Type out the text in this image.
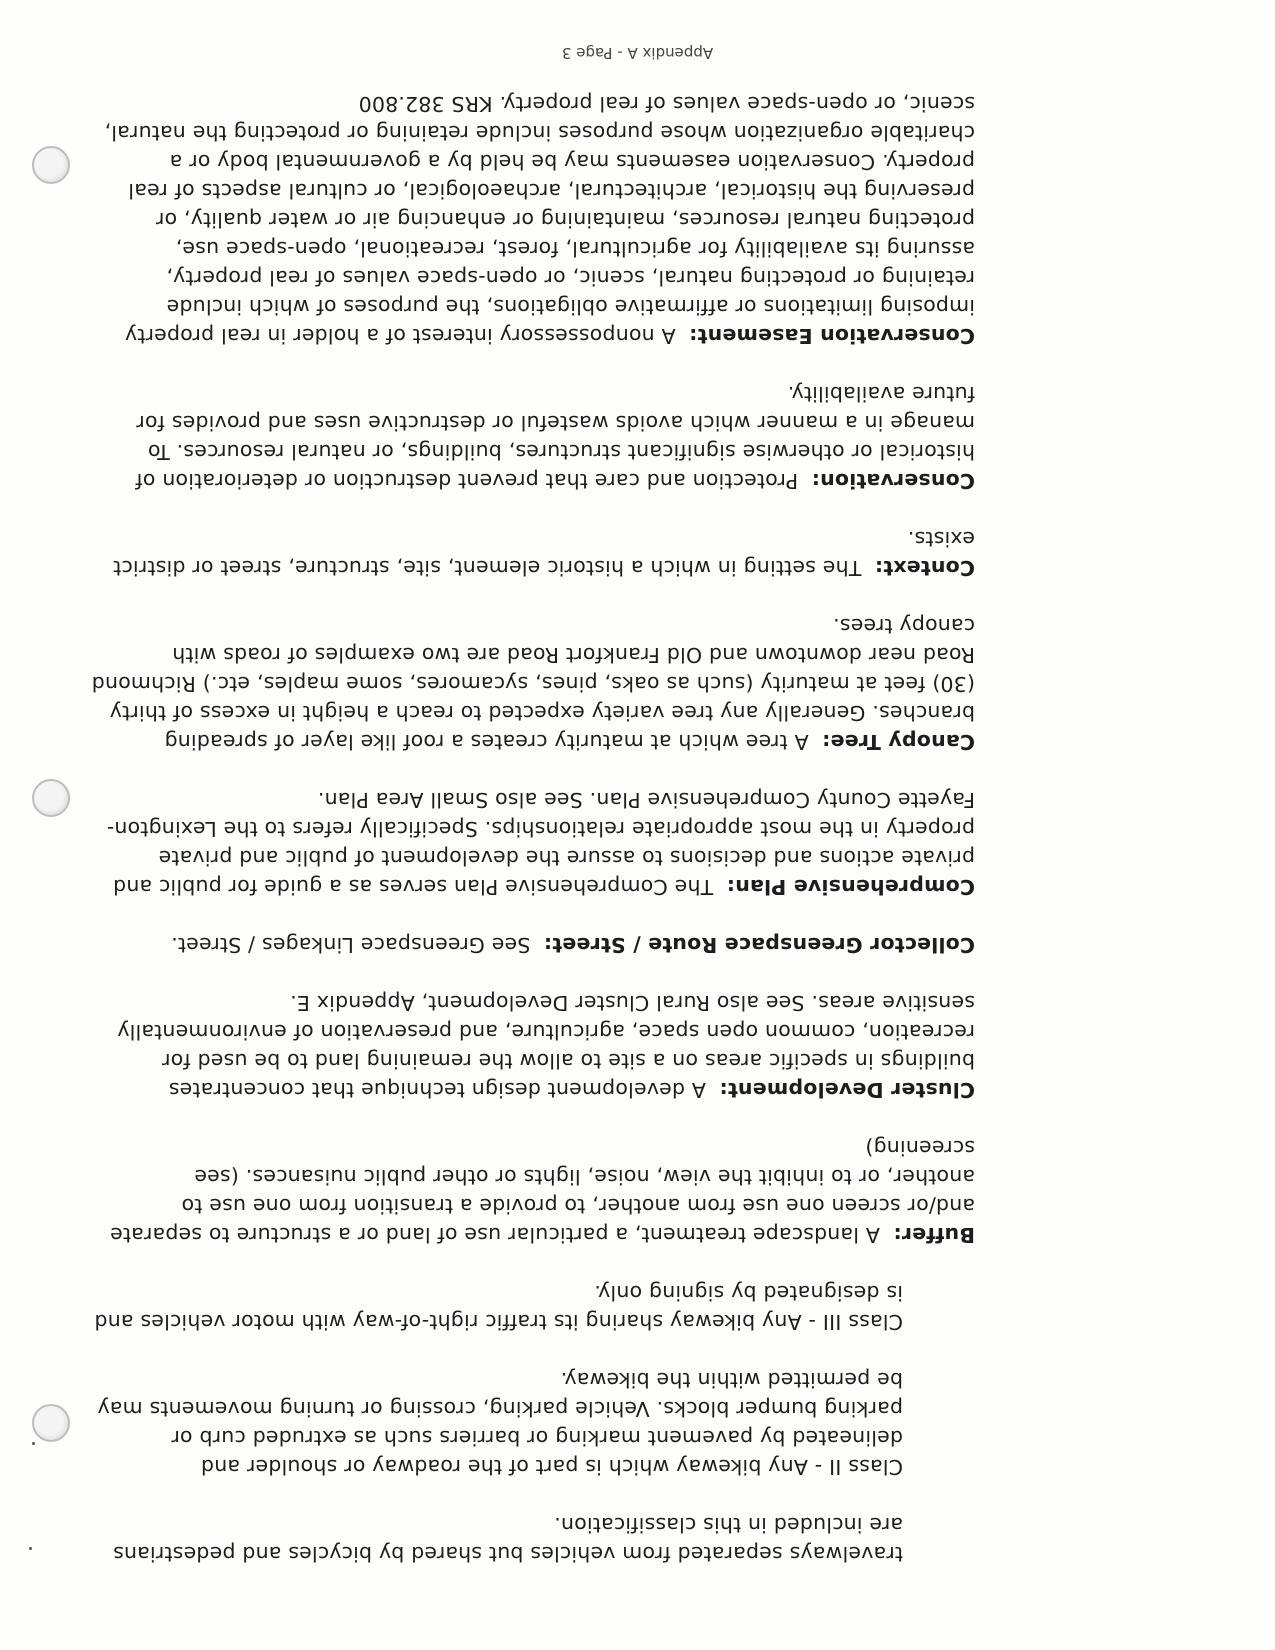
travelways separated from vehicles but shared by bicycles and pedestrians are included in this classification.

Class II - Any bikeway which is part of the roadway or shoulder and delineated by pavement marking or barriers such as extruded curb or parking bumper blocks. Vehicle parking, crossing or turning movements may be permitted within the bikeway.

Class III - Any bikeway sharing its traffic right-of-way with motor vehicles and is designated by signing only.

Buffer:  A landscape treatment, a particular use of land or a structure to separate and/or screen one use from another, to provide a transition from one use to another, or to inhibit the view, noise, lights or other public nuisances. (see screening)

Cluster Development:  A development design technique that concentrates buildings in specific areas on a site to allow the remaining land to be used for recreation, common open space, agriculture, and preservation of environmentally sensitive areas. See also Rural Cluster Development, Appendix E.

Collector Greenspace Route / Street:  See Greenspace Linkages / Street.

Comprehensive Plan:  The Comprehensive Plan serves as a guide for public and private actions and decisions to assure the development of public and private property in the most appropriate relationships. Specifically refers to the Lexington-Fayette County Comprehensive Plan. See also Small Area Plan.

Canopy Tree:  A tree which at maturity creates a roof like layer of spreading branches. Generally any tree variety expected to reach a height in excess of thirty (30) feet at maturity (such as oaks, pines, sycamores, some maples, etc.) Richmond Road near downtown and Old Frankfort Road are two examples of roads with canopy trees.

Context:  The setting in which a historic element, site, structure, street or district exists.

Conservation:  Protection and care that prevent destruction or deterioration of historical or otherwise significant structures, buildings, or natural resources. To manage in a manner which avoids wasteful or destructive uses and provides for future availability.

Conservation Easement:  A nonpossessory interest of a holder in real property imposing limitations or affirmative obligations, the purposes of which include retaining or protecting natural, scenic, or open-space values of real property, assuring its availability for agricultural, forest, recreational, open-space use, protecting natural resources, maintaining or enhancing air or water quality, or preserving the historical, architectural, archaeological, or cultural aspects of real property. Conservation easements may be held by a governmental body or a charitable organization whose purposes include retaining or protecting the natural, scenic, or open-space values of real property. KRS 382.800

Appendix A - Page 3
